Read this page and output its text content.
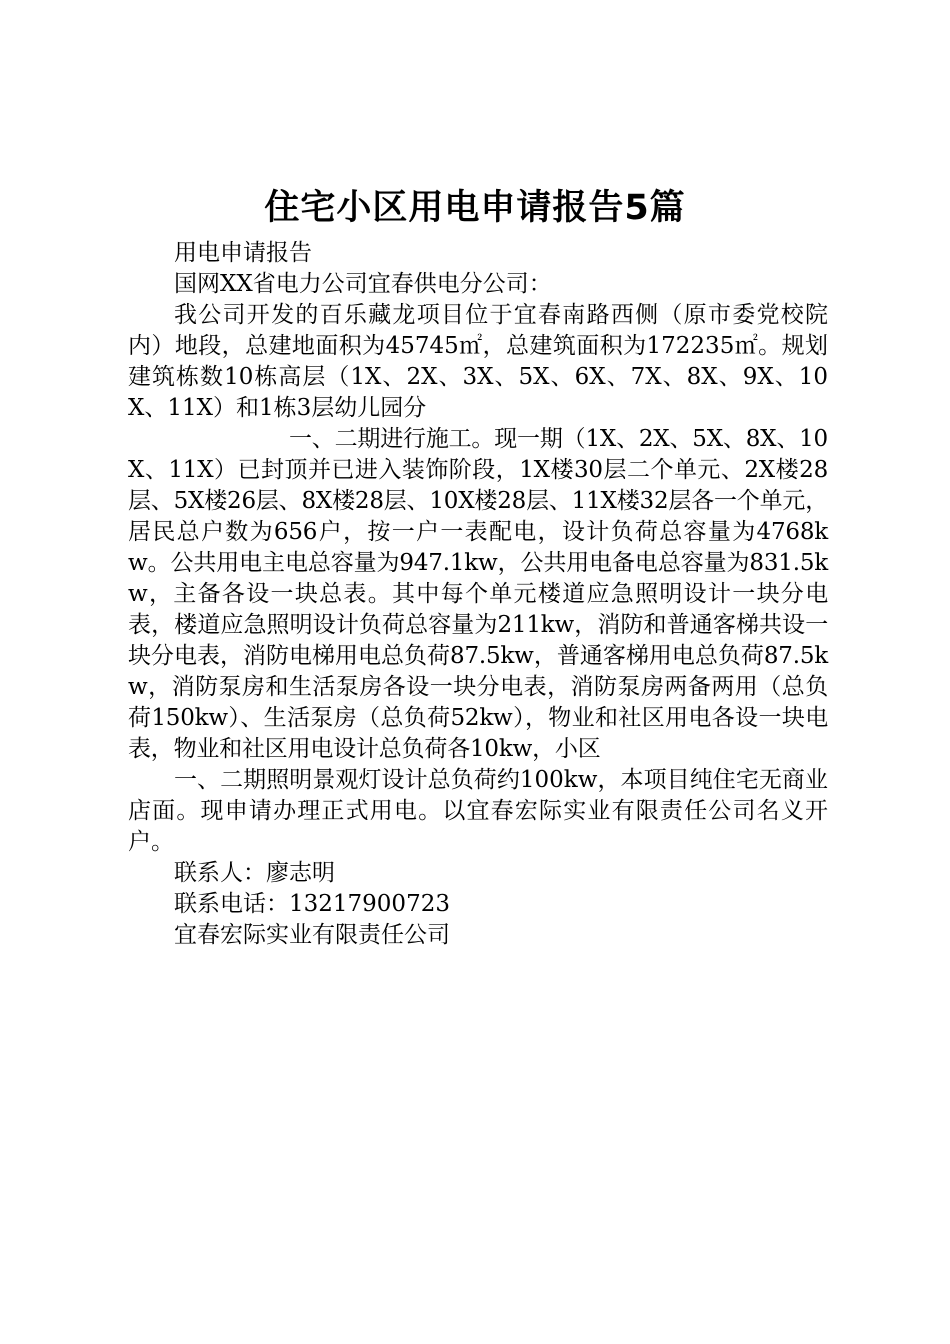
住宅小区用电申请报告5篇

用电申请报告

国网XX省电力公司宜春供电分公司：

我公司开发的百乐藏龙项目位于宜春南路西侧（原市委党校院内）地段，总建地面积为45745㎡，总建筑面积为172235㎡。规划建筑栋数10栋高层（1X、2X、3X、5X、6X、7X、8X、9X、10X、11X）和1栋3层幼儿园分

一、二期进行施工。现一期（1X、2X、5X、8X、10X、11X）已封顶并已进入装饰阶段，1X楼30层二个单元、2X楼28层、5X楼26层、8X楼28层、10X楼28层、11X楼32层各一个单元，居民总户数为656户，按一户一表配电，设计负荷总容量为4768kw。公共用电主电总容量为947.1kw，公共用电备电总容量为831.5kw，主备各设一块总表。其中每个单元楼道应急照明设计一块分电表，楼道应急照明设计负荷总容量为211kw，消防和普通客梯共设一块分电表，消防电梯用电总负荷87.5kw，普通客梯用电总负荷87.5kw，消防泵房和生活泵房各设一块分电表，消防泵房两备两用（总负荷150kw）、生活泵房（总负荷52kw），物业和社区用电各设一块电表，物业和社区用电设计总负荷各10kw，小区

一、二期照明景观灯设计总负荷约100kw，本项目纯住宅无商业店面。现申请办理正式用电。以宜春宏际实业有限责任公司名义开户。

联系人：廖志明

联系电话：13217900723

宜春宏际实业有限责任公司
